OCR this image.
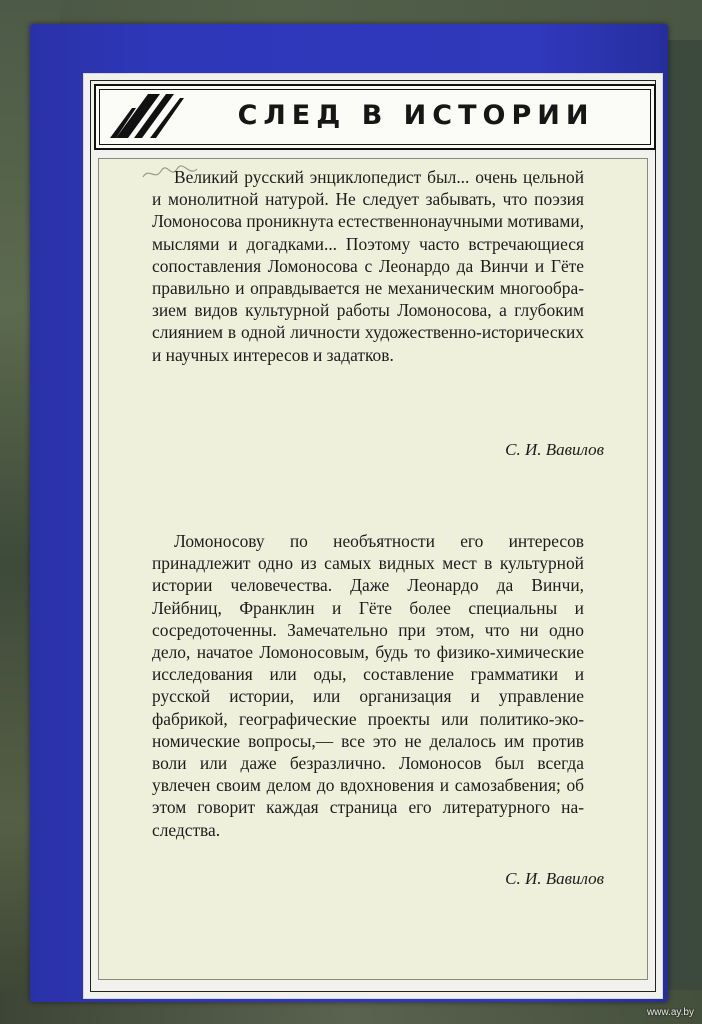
СЛЕД В ИСТОРИИ
Великий русский энциклопедист был... очень цельной и монолитной натурой. Не следует забывать, что поэзия Ломоносова проникнута естественнонаучными мотивами, мыслями и догадками... Поэтому часто встречающиеся сопоставления Ломоносова с Леонардо да Винчи и Гёте правильно и оправдывается не механическим многообразием видов культурной работы Ломоносова, а глубоким слиянием в одной личности художественно-исторических и научных интересов и задатков.
С. И. Вавилов
Ломоносову по необъятности его интересов принадлежит одно из самых видных мест в культурной истории человечества. Даже Леонардо да Винчи, Лейбниц, Франклин и Гёте более специальны и сосредоточенны. Замечательно при этом, что ни одно дело, начатое Ломоносовым, будь то физико-химические исследования или оды, составление грамматики и русской истории, или организация и управление фабрикой, географические проекты или политико-экономические вопросы,— все это не делалось им против воли или даже безразлично. Ломоносов был всегда увлечен своим делом до вдохновения и самозабвения; об этом говорит каждая страница его литературного наследства.
С. И. Вавилов
www.ay.by
